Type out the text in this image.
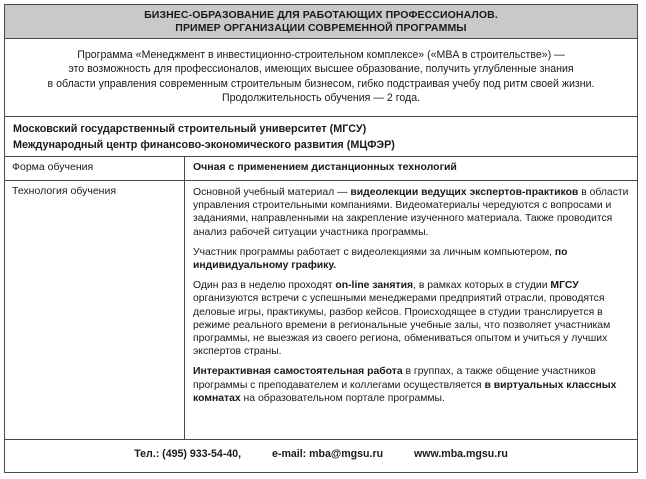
БИЗНЕС-ОБРАЗОВАНИЕ ДЛЯ РАБОТАЮЩИХ ПРОФЕССИОНАЛОВ.
ПРИМЕР ОРГАНИЗАЦИИ СОВРЕМЕННОЙ ПРОГРАММЫ
Программа «Менеджмент в инвестиционно-строительном комплексе» («MBA в строительстве») —
это возможность для профессионалов, имеющих высшее образование, получить углубленные знания
в области управления современным строительным бизнесом, гибко подстраивая учебу под ритм своей жизни.
Продолжительность обучения — 2 года.
Московский государственный строительный университет (МГСУ)
Международный центр финансово-экономического развития (МЦФЭР)
Форма обучения	Очная с применением дистанционных технологий
Технология обучения	Основной учебный материал — видеолекции ведущих экспертов-практиков в области управления строительными компаниями. Видеоматериалы чередуются с вопросами и заданиями, направленными на закрепление изученного материала. Также проводится анализ рабочей ситуации участника программы.

Участник программы работает с видеолекциями за личным компьютером, по индивидуальному графику.

Один раз в неделю проходят on-line занятия, в рамках которых в студии МГСУ организуются встречи с успешными менеджерами предприятий отрасли, проводятся деловые игры, практикумы, разбор кейсов. Происходящее в студии транслируется в режиме реального времени в региональные учебные залы, что позволяет участникам программы, не выезжая из своего региона, обмениваться опытом и учиться у лучших экспертов страны.

Интерактивная самостоятельная работа в группах, а также общение участников программы с преподавателем и коллегами осуществляется в виртуальных классных комнатах на образовательном портале программы.

Тел.: (495) 933-54-40,	e-mail: mba@mgsu.ru	www.mba.mgsu.ru
